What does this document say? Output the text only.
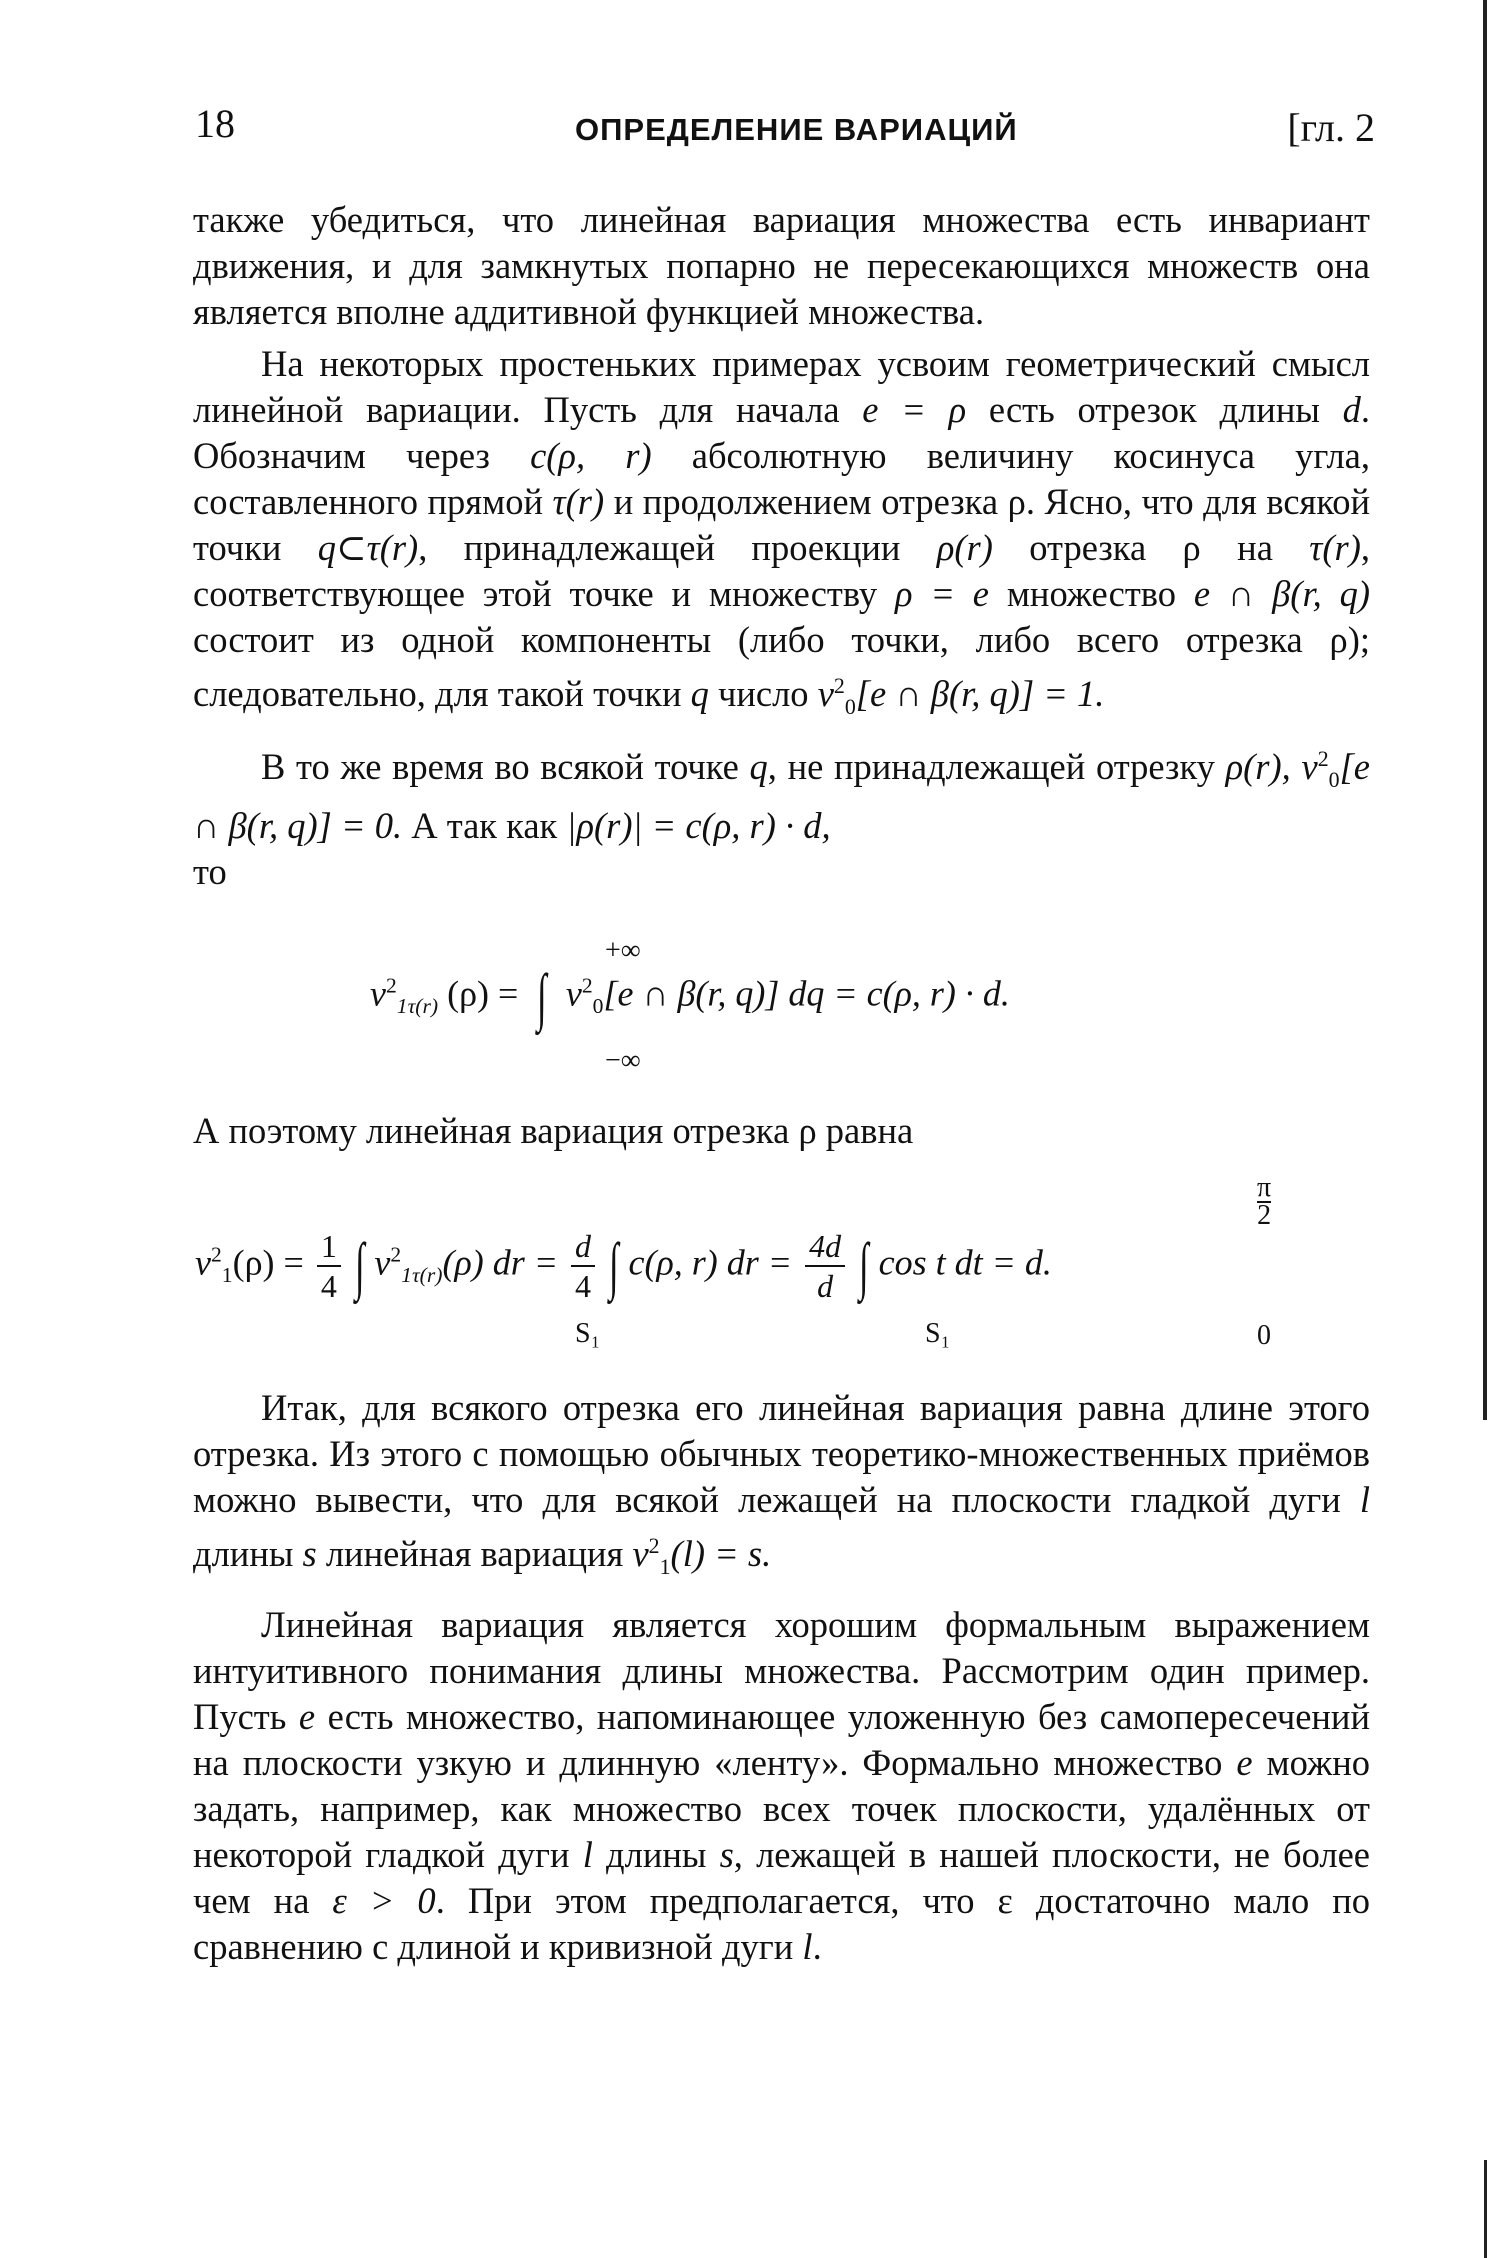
18	ОПРЕДЕЛЕНИЕ ВАРИАЦИЙ	[гл. 2

также убедиться, что линейная вариация множества есть инвариант движения, и для замкнутых попарно не пересекающихся множеств она является вполне аддитивной функцией множества.

На некоторых простеньких примерах усвоим геометрический смысл линейной вариации. Пусть для начала e = ρ есть отрезок длины d. Обозначим через c(ρ, r) абсолютную величину косинуса угла, составленного прямой τ(r) и продолжением отрезка ρ. Ясно, что для всякой точки q⊂τ(r), принадлежащей проекции ρ(r) отрезка ρ на τ(r), соответствующее этой точке и множеству ρ = e множество e ∩ β(r, q) состоит из одной компоненты (либо точки, либо всего отрезка ρ); следовательно, для такой точки q число $v^2_0[e$ ∩ β(r, q)] = 1.

В то же время во всякой точке q, не принадлежащей отрезку ρ(r), $v^2_0[e$ ∩ β(r, q)] = 0. А так как |ρ(r)| = c(ρ, r) · d,
то

+∞
−∞
$v^2_{1\tau(r)}$ (ρ) = ∫ $v^2_0[e$ ∩ β(r, q)] dq = c(ρ, r) · d.

А поэтому линейная вариация отрезка ρ равна

S₁	S₁
π
2
0
$v^2_1(\rho) = \frac{1}{4}$ ∫ $v^2_{1\tau(r)}(\rho)$ dr = $\frac{d}{4}$ ∫ c(ρ, r) dr = $\frac{4d}{d}$ ∫ cos t dt = d.

Итак, для всякого отрезка его линейная вариация равна длине этого отрезка. Из этого с помощью обычных теоретико-множественных приёмов можно вывести, что для всякой лежащей на плоскости гладкой дуги l длины s линейная вариация $v^2_1(l) = s$.

Линейная вариация является хорошим формальным выражением интуитивного понимания длины множества. Рассмотрим один пример. Пусть e есть множество, напоминающее уложенную без самопересечений на плоскости узкую и длинную «ленту». Формально множество e можно задать, например, как множество всех точек плоскости, удалённых от некоторой гладкой дуги l длины s, лежащей в нашей плоскости, не более чем на ε > 0. При этом предполагается, что ε достаточно мало по сравнению с длиной и кривизной дуги l.
